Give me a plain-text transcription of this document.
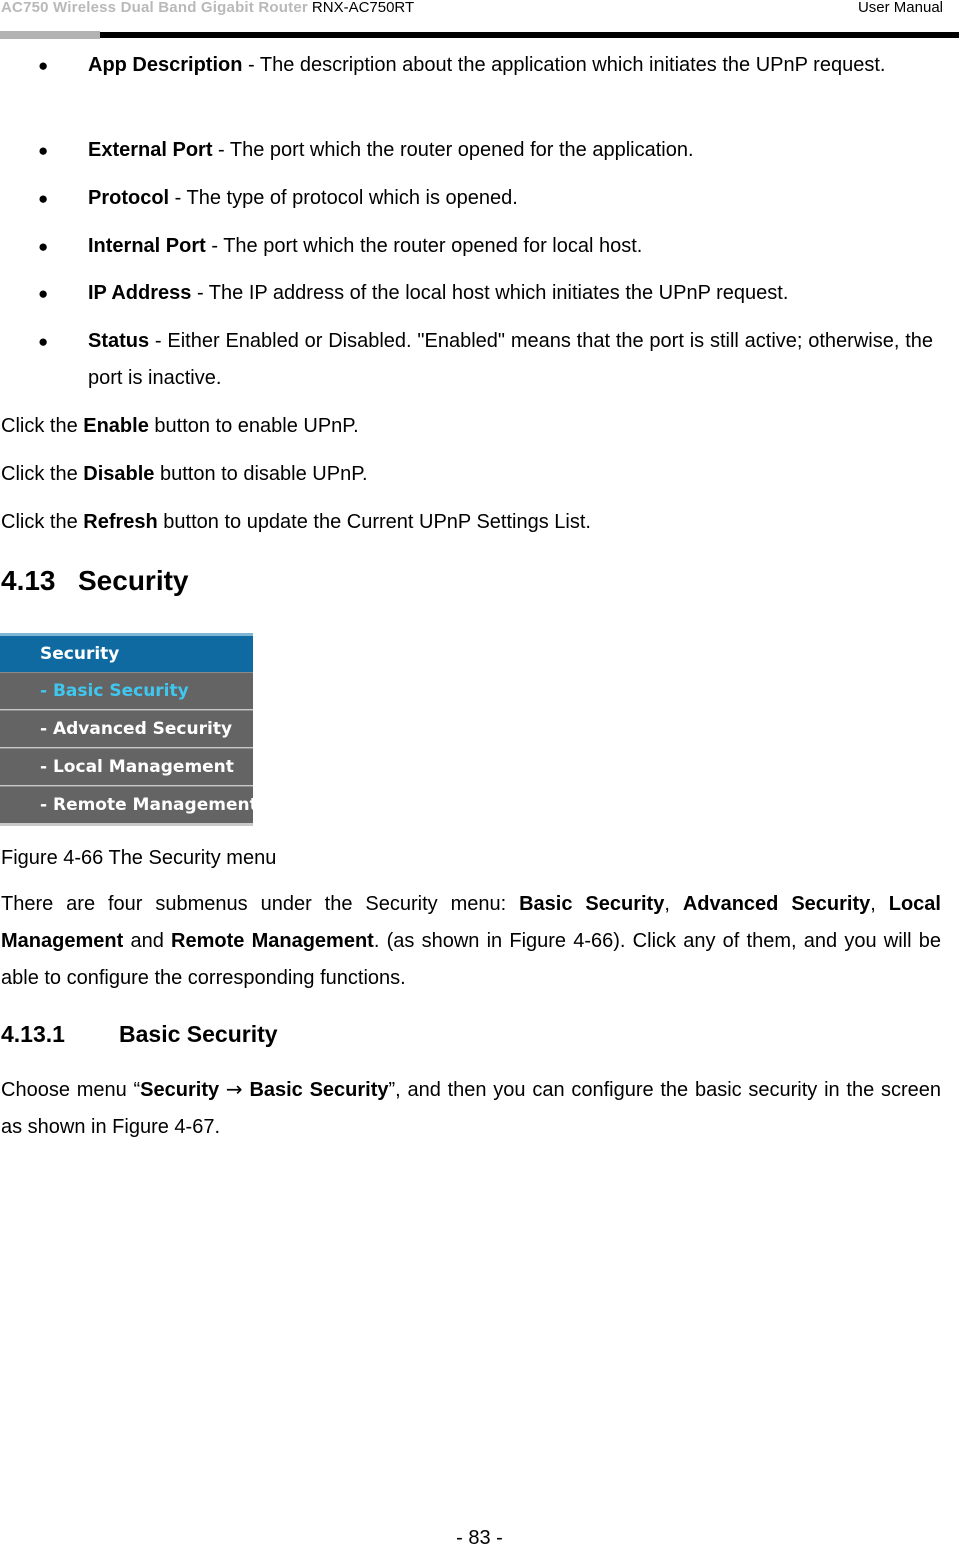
AC750 Wireless Dual Band Gigabit Router RNX-AC750RT	User Manual
● App Description - The description about the application which initiates the UPnP request.
● External Port - The port which the router opened for the application.
● Protocol - The type of protocol which is opened.
● Internal Port - The port which the router opened for local host.
● IP Address - The IP address of the local host which initiates the UPnP request.
● Status - Either Enabled or Disabled. "Enabled" means that the port is still active; otherwise, the port is inactive.
Click the Enable button to enable UPnP.
Click the Disable button to disable UPnP.
Click the Refresh button to update the Current UPnP Settings List.
4.13 Security
Security
- Basic Security
- Advanced Security
- Local Management
- Remote Management
Figure 4-66 The Security menu
There are four submenus under the Security menu: Basic Security, Advanced Security, Local Management and Remote Management. (as shown in Figure 4-66). Click any of them, and you will be able to configure the corresponding functions.
4.13.1 Basic Security
Choose menu “Security → Basic Security”, and then you can configure the basic security in the screen as shown in Figure 4-67.
- 83 -
